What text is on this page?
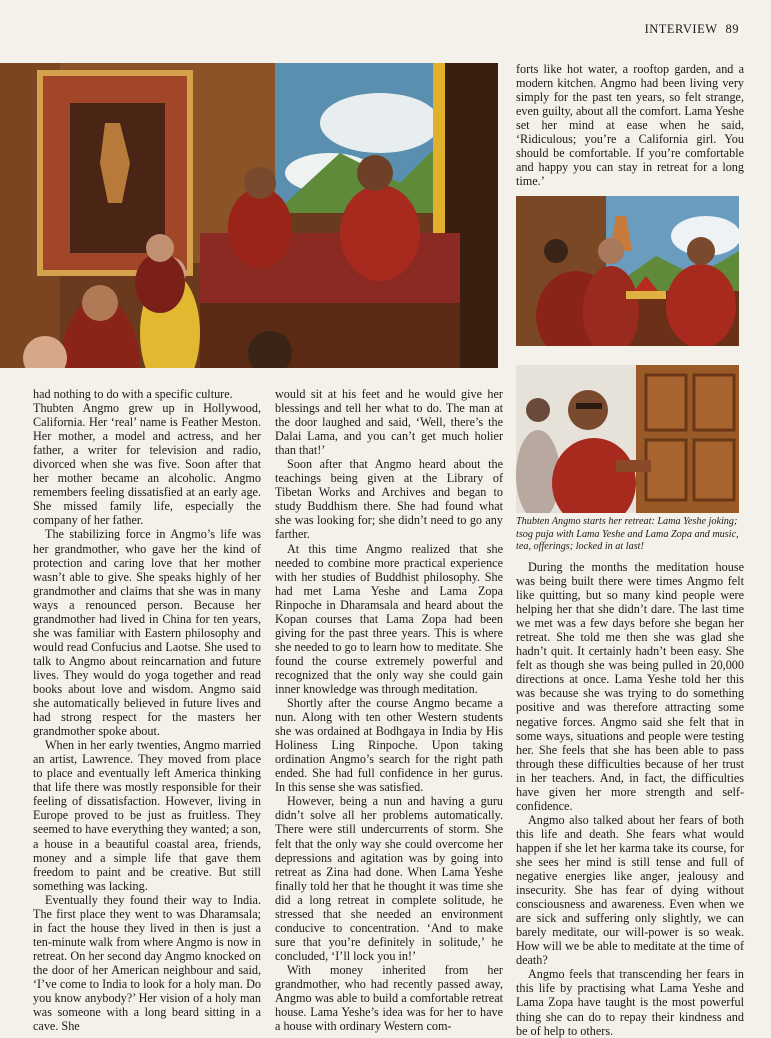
INTERVIEW 89
Thubten Angmo starts her retreat: Lama Yeshe joking; tsog puja with Lama Yeshe and Lama Zopa and music, tea, offerings; locked in at last!

forts like hot water, a rooftop garden, and a modern kitchen. Angmo had been living very simply for the past ten years, so felt strange, even guilty, about all the comfort. Lama Yeshe set her mind at ease when he said, ‘Ridiculous; you’re a California girl. You should be comfortable. If you’re comfortable and happy you can stay in retreat for a long time.’

had nothing to do with a specific culture.

Thubten Angmo grew up in Hollywood, California. Her ‘real’ name is Feather Meston. Her mother, a model and actress, and her father, a writer for television and radio, divorced when she was five. Soon after that her mother became an alcoholic. Angmo remembers feeling dissatisfied at an early age. She missed family life, especially the company of her father.

The stabilizing force in Angmo’s life was her grandmother, who gave her the kind of protection and caring love that her mother wasn’t able to give. She speaks highly of her grandmother and claims that she was in many ways a renounced person. Because her grandmother had lived in China for ten years, she was familiar with Eastern philosophy and would read Confucius and Laotse. She used to talk to Angmo about reincarnation and future lives. They would do yoga together and read books about love and wisdom. Angmo said she automatically believed in future lives and had strong respect for the masters her grandmother spoke about.

When in her early twenties, Angmo married an artist, Lawrence. They moved from place to place and eventually left America thinking that life there was mostly responsible for their feeling of dissatisfaction. However, living in Europe proved to be just as fruitless. They seemed to have everything they wanted; a son, a house in a beautiful coastal area, friends, money and a simple life that gave them freedom to paint and be creative. But still something was lacking.

Eventually they found their way to India. The first place they went to was Dharamsala; in fact the house they lived in then is just a ten-minute walk from where Angmo is now in retreat. On her second day Angmo knocked on the door of her American neighbour and said, ‘I’ve come to India to look for a holy man. Do you know anybody?’ Her vision of a holy man was someone with a long beard sitting in a cave. She

would sit at his feet and he would give her blessings and tell her what to do. The man at the door laughed and said, ‘Well, there’s the Dalai Lama, and you can’t get much holier than that!’

Soon after that Angmo heard about the teachings being given at the Library of Tibetan Works and Archives and began to study Buddhism there. She had found what she was looking for; she didn’t need to go any farther.

At this time Angmo realized that she needed to combine more practical experience with her studies of Buddhist philosophy. She had met Lama Yeshe and Lama Zopa Rinpoche in Dharamsala and heard about the Kopan courses that Lama Zopa had been giving for the past three years. This is where she needed to go to learn how to meditate. She found the course extremely powerful and recognized that the only way she could gain inner knowledge was through meditation.

Shortly after the course Angmo became a nun. Along with ten other Western students she was ordained at Bodhgaya in India by His Holiness Ling Rinpoche. Upon taking ordination Angmo’s search for the right path ended. She had full confidence in her gurus. In this sense she was satisfied.

However, being a nun and having a guru didn’t solve all her problems automatically. There were still undercurrents of storm. She felt that the only way she could overcome her depressions and agitation was by going into retreat as Zina had done. When Lama Yeshe finally told her that he thought it was time she did a long retreat in complete solitude, he stressed that she needed an environment conducive to concentration. ‘And to make sure that you’re definitely in solitude,’ he concluded, ‘I’ll lock you in!’

With money inherited from her grandmother, who had recently passed away, Angmo was able to build a comfortable retreat house. Lama Yeshe’s idea was for her to have a house with ordinary Western com-

During the months the meditation house was being built there were times Angmo felt like quitting, but so many kind people were helping her that she didn’t dare. The last time we met was a few days before she began her retreat. She told me then she was glad she hadn’t quit. It certainly hadn’t been easy. She felt as though she was being pulled in 20,000 directions at once. Lama Yeshe told her this was because she was trying to do something positive and was therefore attracting some negative forces. Angmo said she felt that in some ways, situations and people were testing her. She feels that she has been able to pass through these difficulties because of her trust in her teachers. And, in fact, the difficulties have given her more strength and self-confidence.

Angmo also talked about her fears of both this life and death. She fears what would happen if she let her karma take its course, for she sees her mind is still tense and full of negative energies like anger, jealousy and insecurity. She has fear of dying without consciousness and awareness. Even when we are sick and suffering only slightly, we can barely meditate, our will-power is so weak. How will we be able to meditate at the time of death?

Angmo feels that transcending her fears in this life by practising what Lama Yeshe and Lama Zopa have taught is the most powerful thing she can do to repay their kindness and be of help to others.
